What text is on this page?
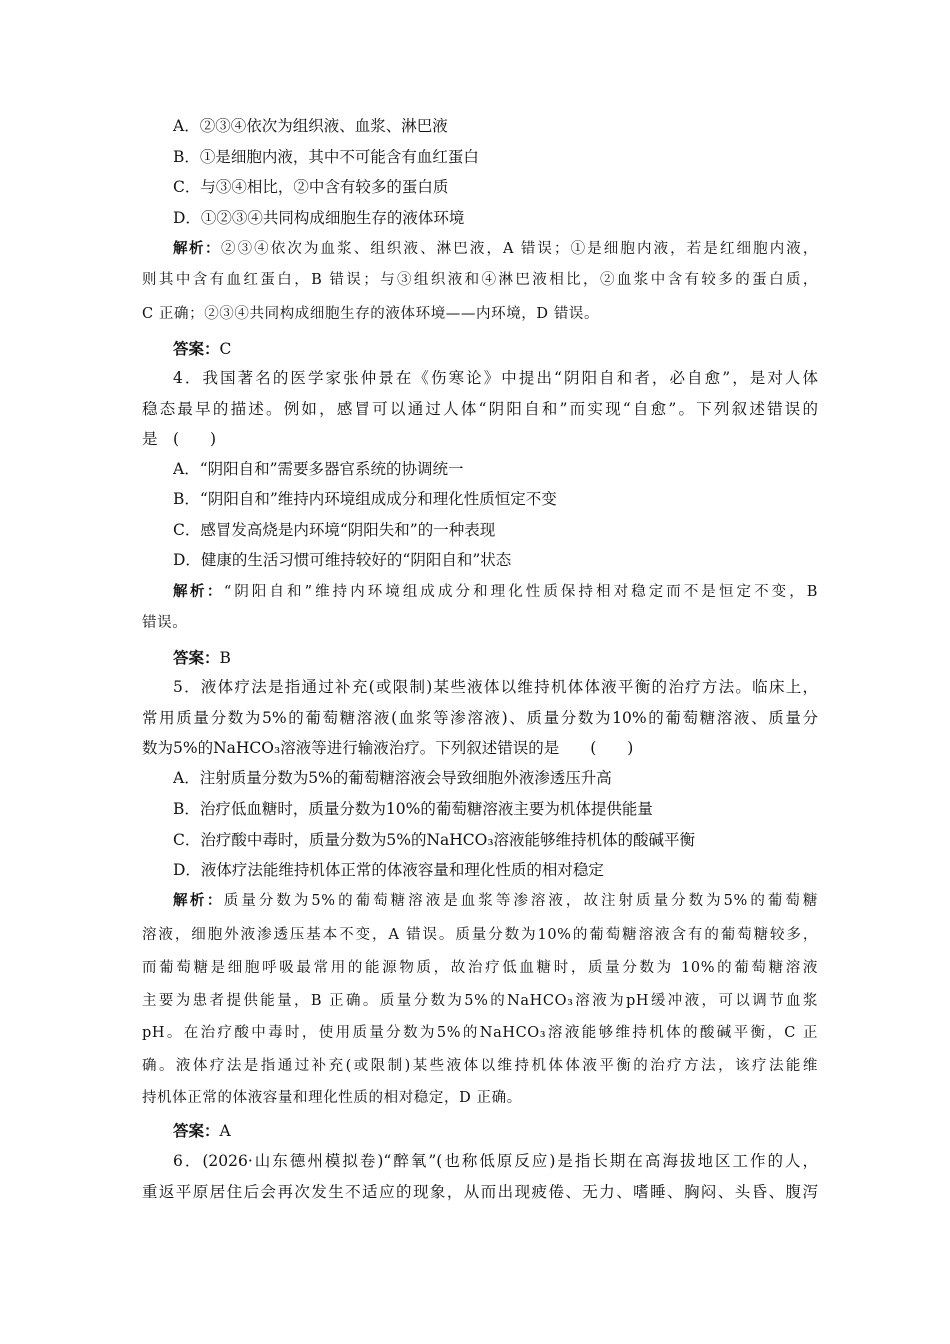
A．②③④依次为组织液、血浆、淋巴液
B．①是细胞内液，其中不可能含有血红蛋白
C．与③④相比，②中含有较多的蛋白质
D．①②③④共同构成细胞生存的液体环境
解析：②③④依次为血浆、组织液、淋巴液，A 错误；①是细胞内液，若是红细胞内液，
则其中含有血红蛋白，B 错误；与③组织液和④淋巴液相比，②血浆中含有较多的蛋白质，
C 正确；②③④共同构成细胞生存的液体环境——内环境，D 错误。
答案：C
4．我国著名的医学家张仲景在《伤寒论》中提出“阴阳自和者，必自愈”，是对人体
稳态最早的描述。例如，感冒可以通过人体“阴阳自和”而实现“自愈”。下列叙述错误的
是　(　　)
A．“阴阳自和”需要多器官系统的协调统一
B．“阴阳自和”维持内环境组成成分和理化性质恒定不变
C．感冒发高烧是内环境“阴阳失和”的一种表现
D．健康的生活习惯可维持较好的“阴阳自和”状态
解析：“阴阳自和”维持内环境组成成分和理化性质保持相对稳定而不是恒定不变，B
错误。
答案：B
5．液体疗法是指通过补充(或限制)某些液体以维持机体体液平衡的治疗方法。临床上，
常用质量分数为5%的葡萄糖溶液(血浆等渗溶液)、质量分数为10%的葡萄糖溶液、质量分
数为5%的NaHCO₃溶液等进行输液治疗。下列叙述错误的是　　(　　)
A．注射质量分数为5%的葡萄糖溶液会导致细胞外液渗透压升高
B．治疗低血糖时，质量分数为10%的葡萄糖溶液主要为机体提供能量
C．治疗酸中毒时，质量分数为5%的NaHCO₃溶液能够维持机体的酸碱平衡
D．液体疗法能维持机体正常的体液容量和理化性质的相对稳定
解析：质量分数为5%的葡萄糖溶液是血浆等渗溶液，故注射质量分数为5%的葡萄糖
溶液，细胞外液渗透压基本不变，A 错误。质量分数为10%的葡萄糖溶液含有的葡萄糖较多，
而葡萄糖是细胞呼吸最常用的能源物质，故治疗低血糖时，质量分数为 10%的葡萄糖溶液
主要为患者提供能量，B 正确。质量分数为5%的NaHCO₃溶液为pH缓冲液，可以调节血浆
pH。在治疗酸中毒时，使用质量分数为5%的NaHCO₃溶液能够维持机体的酸碱平衡，C 正
确。液体疗法是指通过补充(或限制)某些液体以维持机体体液平衡的治疗方法，该疗法能维
持机体正常的体液容量和理化性质的相对稳定，D 正确。
答案：A
6．(2026·山东德州模拟卷)“醉氧”(也称低原反应)是指长期在高海拔地区工作的人，
重返平原居住后会再次发生不适应的现象，从而出现疲倦、无力、嗜睡、胸闷、头昏、腹泻
